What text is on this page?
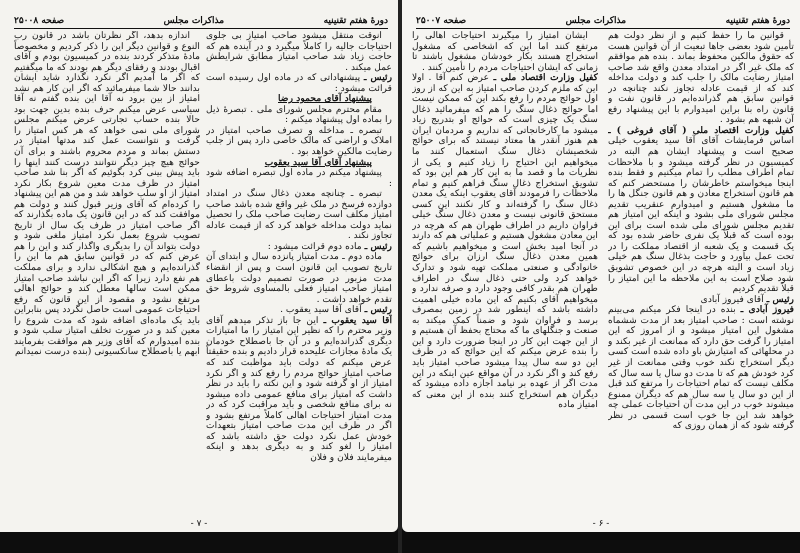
دورهٔ هفتم تقنینیه
مذاکرات مجلس
صفحه ۲۵۰۰۸

آنوقت منتقل میشود صاحب امتیاز بی جلوی احتیاجات جالیه را کاملاً میگیرد و در آینده هم که حاجت زیاد شد صاحب امتیاز مطابق شرایطش عمل میکند .

رئیس ـ پیشنهاداتی که در ماده اول رسیده است قرائت میشود :

پیشنهاد آقای محمود رضا

مقام محترم مجلس شورای ملی . تبصرهٔ ذیل را بماده اول پیشنهاد میکنم :

تبصره ـ مداخله و تصرف صاحب امتیاز در املاک و اراضی که مالک خاصی دارد پس از جلب رضایت مالکین خواهد بود .

پیشنهاد آقای آقا سید یعقوب

پیشنهاد میکنم در ماده اول تبصره اضافه شود :

تبصره ـ چنانچه معدن ذغال سنگ در امتداد دوازده فرسخ در ملک غیر واقع شده باشد صاحب امتیاز مکلف است رضایت صاحب ملک را تحصیل نماید دولت مداخله خواهد کرد که از قیمت عادله تجاوز نکند .

رئیس ـ ماده دوم قرائت میشود :

ماده دوم ـ مدت امتیاز پانزده سال و ابتدای آن تاریخ تصویب این قانون است و پس از انقضاء مدت مزبور در صورت تصمیم دولت باعطای امتیاز صاحب امتیاز فعلی بالمساوی شروط حق تقدم خواهد داشت .

رئیس ـ آقای آقا سید یعقوب .

آقا سید یعقوب ـ این جا باز تذکر میدهم آقای وزیر محترم را که نظیر این امتیاز را ما امتیازات دیگری گذرانده‌ایم و در آن جا باصطلاح خودمان یک مادهٔ مجازات علیحده قرار دادیم و بنده حقیقتاً عرض میکنم که دولت باید مواظبت کند که صاحب امتیاز حوائج مردم را رفع کند و اگر نکرد امتیاز از او گرفته شود و این نکته را باید در نظر داشت که امتیاز برای منافع عمومی داده میشود نه برای منافع شخصی و باید مراقبت کرد که در مدت امتیاز احتیاجات اهالی کاملاً مرتفع بشود و اگر در ظرف این مدت صاحب امتیاز بتعهدات خودش عمل نکرد دولت حق داشته باشد که امتیاز را لغو کند و به دیگری بدهد و اینکه میفرمایند فلان و فلان

اندازه بدهد، اگر نظرتان باشد در قانون رب النوع و قوانین دیگر این را ذکر کردیم و مخصوصاً مادهٔ متذکر کردند بنده در کمیسیون بودم و آقای اقبال بودند و رفقای دیگر هم بودند که ما میگفتیم که اگر ما آمدیم اگر نکرد نگذارد شاید ایشان بدانند حالا شما میفرمائید که اگر این کار هم نشد امتیاز از بین برود نه آقا این بنده گفتم نه آقا سیاسی عرض میکنم حرف بنده بدین جهت بود حالا بنده حساب تجارتی عرض میکنم مجلس شورای ملی نمی خواهد که هر کس امتیاز را گرفت و نتوانست عمل کند مدتها امتیاز در دستش بماند و مردم محروم باشند و برای آن حوائج هیچ چیز دیگر نتوانند درست کنند اینها را باید پیش بینی کرد بگوئیم که اگر بنا شد صاحب امتیاز در ظرف مدت معین شروع بکار نکرد امتیاز از او سلب خواهد شد و من هم این پیشنهاد را کرده‌ام که آقای وزیر قبول کنند و دولت هم موافقت کند که در این قانون یک ماده بگذارند که اگر صاحب امتیاز در ظرف یک سال از تاریخ تصویب شروع بعمل نکرد امتیاز ملغی شود و دولت بتواند آن را بدیگری واگذار کند و این را هم عرض کنم که در قوانین سابق هم ما این را گذرانده‌ایم و هیچ اشکالی ندارد و برای مملکت هم نفع دارد زیرا که اگر این نباشد صاحب امتیاز ممکن است سالها معطل کند و حوائج اهالی مرتفع نشود و مقصود از این قانون که رفع احتیاجات عمومی است حاصل نگردد پس بنابراین باید یک ماده‌ای اضافه شود که مدت شروع را معین کند و در صورت تخلف امتیاز سلب شود و بنده امیدوارم که آقای وزیر هم موافقت بفرمایند ابهم یا باصطلاح سانکسیونی (بنده درست نمیدانم

- ۷ -
دورهٔ هفتم تقنینیه
مذاکرات مجلس
صفحه ۲۵۰۰۷

قوانین ما را حفظ کنیم و از نظر دولت هم تأمین شود بعضی جاها تبعیت از آن قوانین هست که حقوق مالکین محفوظ بماند . بنده هم موافقم که ملک غیر اگر در امتداد معدن واقع شد صاحب امتیاز رضایت مالک را جلب کند و دولت مداخله کند که از قیمت عادله تجاوز نکند چنانچه در قوانین سابق هم گذرانده‌ایم در قانون نفت و قانون راه بنا براین امیدوارم با این پیشنهاد رفع آن شبهه هم بشود .

کفیل وزارت اقتصاد ملی ( آقای فروغی ) ـ اساس فرمایشات آقای آقا سید یعقوب خیلی صحیح است و پیشنهاد ایشان هم البته در کمیسیون در نظر گرفته میشود و با ملاحظات تمام اطراف مطلب را تمام میکنیم و فقط بنده اینجا میخواستم خاطرشان را مستحضر کنم که هم قانون استخراج معادن و هم قانون جنگل ها را ما مشغول هستیم و امیدوارم عنقریب تقدیم مجلس شورای ملی بشود و اینکه این امتیاز هم تقدیم مجلس شورای ملی شده است برای این بوده است که قبلاً یک نفری حاضر شده بود که یک قسمت و یک شعبه از اقتصاد مملکت را در تحت عمل بیاورد و حاجت بذغال سنگ هم خیلی زیاد است و البته هرچه در این خصوص تشویق شود صلاح است به این ملاحظه ما این امتیاز را قبلاً تقدیم کردیم

رئیس ـ آقای فیروز آبادی

فیروز آبادی ـ بنده در اینجا فکر میکنم می‌بینم نوشته است : صاحب امتیاز بعد از مدت ششماه مشغول این امتیاز میشود و از امروز که این امتیاز را گرفت حق دارد که ممانعت از غیر بکند و در محلهائی که امتیازش باو داده شده است کسی دیگر استخراج نکند خوب وقتی ممانعت از غیر کرد خودش هم که تا مدت دو سال یا سه سال که مکلف نیست که تمام احتیاجات را مرتفع کند قبل از این دو سال یا سه سال هم که دیگران ممنوع میشوند خوب در این مدت آن احتیاجات عملی چه خواهد شد این جا خوب است قسمی در نظر گرفته شود که از همان روزی که

ایشان امتیاز را میگیرند احتیاجات اهالی را مرتفع کنند اما این که اشخاصی که مشغول استخراج هستند بکار خودشان مشغول باشند تا زمانی که ایشان احتیاجات مردم را تأمین کنند .

کفیل وزارت اقتصاد ملی ـ عرض کنم آقا . اولا این که ملزم کردن صاحب امتیاز به این که از روز اول حوائج مردم را رفع بکند این که ممکن نیست اما حوائج ذغال سنگ را هم که میفرمائید ذغال سنگ یک چیزی است که حوائج او بتدریج زیاد میشود ما کارخانجاتی که نداریم و مردمان ایران هم هنوز آنقدر ها معتاد نیستند که برای حوائج شخصیشان ذغال سنگ استعمال کنند ما میخواهیم این احتیاج را زیاد کنیم و یکی از نظریات ما و قصد ما به این کار هم این بود که تشویق استخراج ذغال سنگ فراهم کنیم و تمام ملاحظات را فرمودند آقای یعقوب اینکه یک معدن ذغال سنگ را گرفته‌اند و کار نکنند این کسی مستحق قانونی نیست و معدن ذغال سنگ خیلی فراوان داریم در اطراف طهران هم که هرچه در این معادن مشغول هستیم و عملیاتی هم که دارند در آنجا امید بخش است و میخواهیم باشیم که همین معدن ذغال سنگ ارزان برای حوائج خانوادگی و صنعتی مملکت تهیه شود و تدارک خواهد کرد ولی حتی ذغال سنگ در اطراف طهران هم بقدر کافی وجود دارد و صرفه ندارد و میخواهیم آقای بکنیم که این ماده خیلی اهمیت داشته باشد که اینطور شد در زمین بمصرف برسد و فراوان شود و ضمناً کمک میکند به صنعت و جنگلهای ما که محتاج بحفظ آن هستیم و از این جهت این کار در اینجا ضرورت دارد و این را بنده عرض میکنم که این حوائج که در ظرف این دو سه سال پیدا میشود صاحب امتیاز باید رفع کند و اگر نکرد در آن مواقع عین اینکه در این مدت اگر از عهده بر نیامد اجازه داده میشود که دیگران هم استخراج کنند بنده از این معنی که امتیاز ماده

- ۶ -
